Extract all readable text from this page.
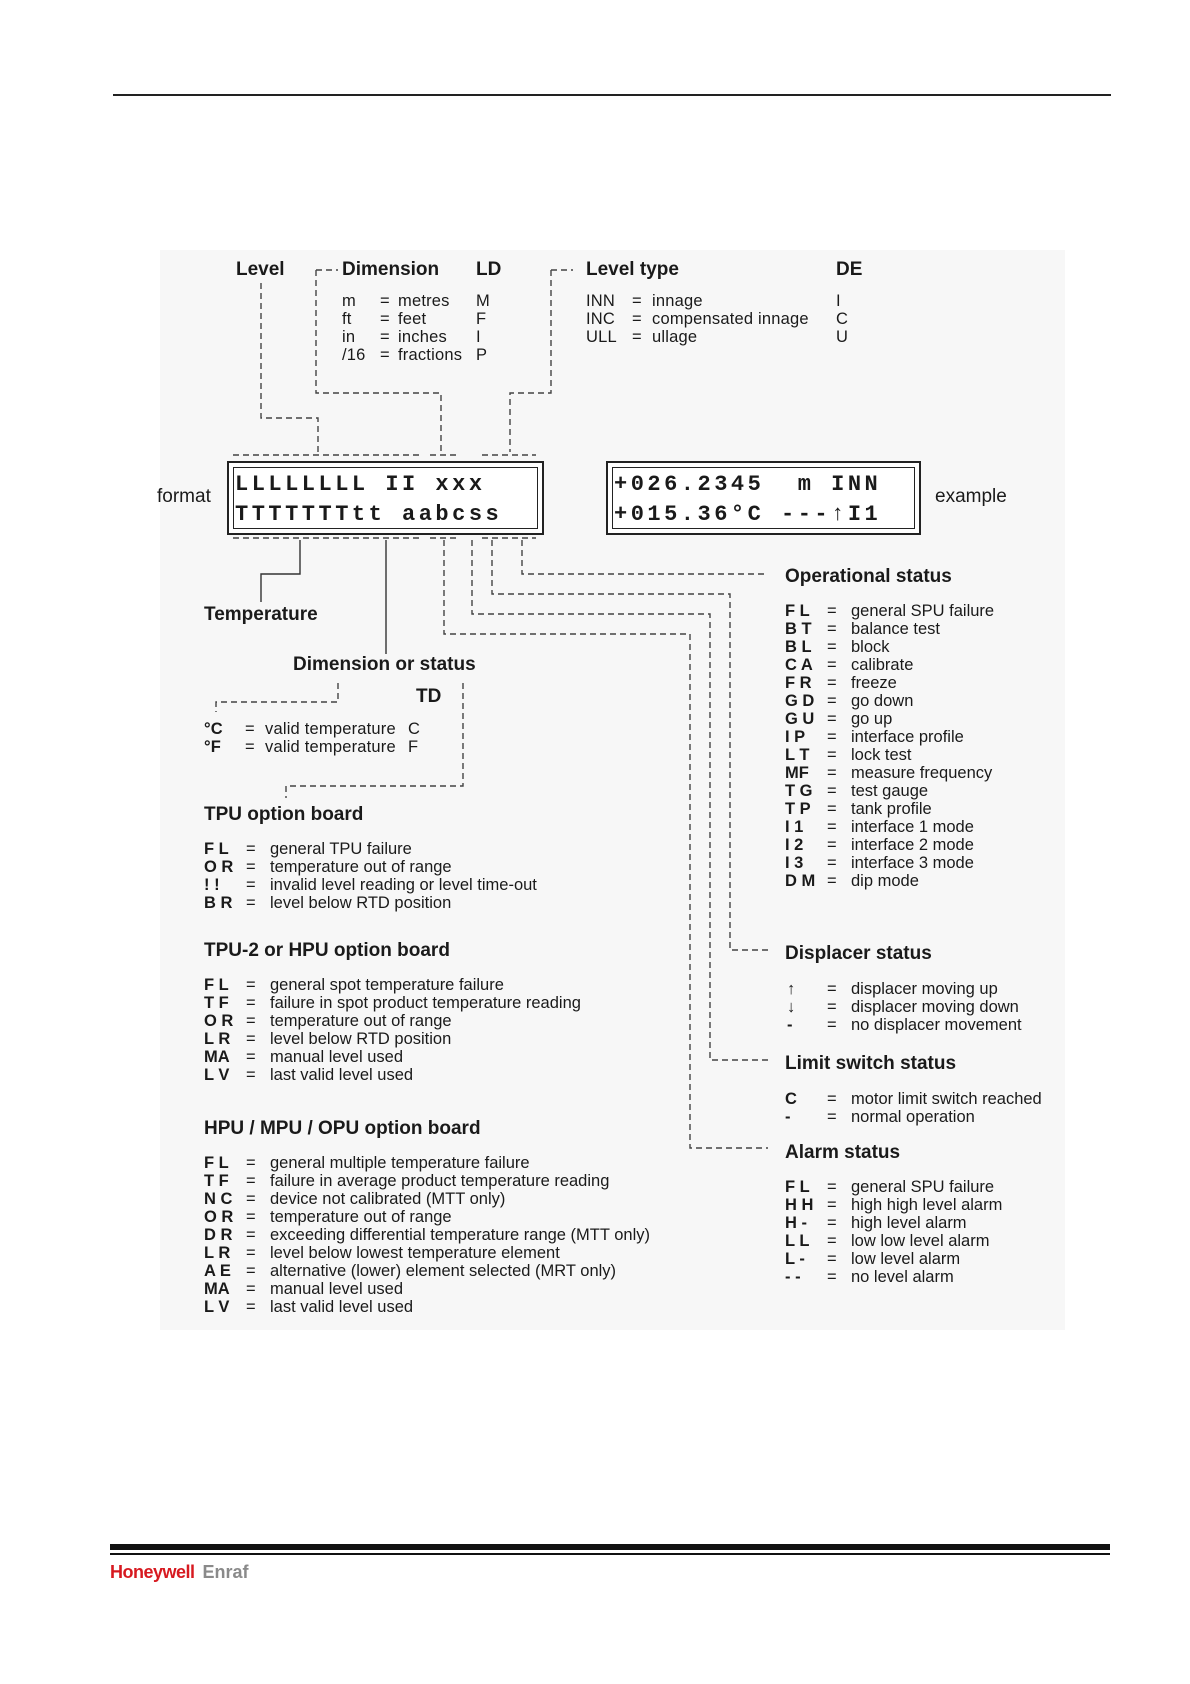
Level	Dimension LD
m = metres M
ft = feet	F
in = inches I
/16 = fractions P
Level type	DE
INN = innage	I
INC = compensated innage C
ULL = ullage	U
format LLLLLLLL II xxx
TTTTTTTtt aabcss
+026.2345  m INN
+015.36°C ---↑I1
example
Temperature
Dimension or status
TD
°C = valid temperature C
°F = valid temperature F
TPU option board
F L = general TPU failure
O R = temperature out of range
! ! = invalid level reading or level time-out
B R = level below RTD position
TPU-2 or HPU option board
F L = general spot temperature failure
T F = failure in spot product temperature reading
O R = temperature out of range
L R = level below RTD position
MA = manual level used
L V = last valid level used
HPU / MPU / OPU option board
F L = general multiple temperature failure
T F = failure in average product temperature reading
N C = device not calibrated (MTT only)
O R = temperature out of range
D R = exceeding differential temperature range (MTT only)
L R = level below lowest temperature element
A E = alternative (lower) element selected (MRT only)
MA = manual level used
L V = last valid level used
Operational status
F L = general SPU failure
B T = balance test
B L = block
C A = calibrate
F R = freeze
G D = go down
G U = go up
I P = interface profile
L T = lock test
MF = measure frequency
T G = test gauge
T P = tank profile
I 1 = interface 1 mode
I 2 = interface 2 mode
I 3 = interface 3 mode
D M = dip mode
Displacer status
↑ = displacer moving up
↓ = displacer moving down
- = no displacer movement
Limit switch status
C = motor limit switch reached
- = normal operation
Alarm status
F L = general SPU failure
H H = high high level alarm
H - = high level alarm
L L = low low level alarm
L - = low level alarm
- - = no level alarm
Honeywell Enraf
